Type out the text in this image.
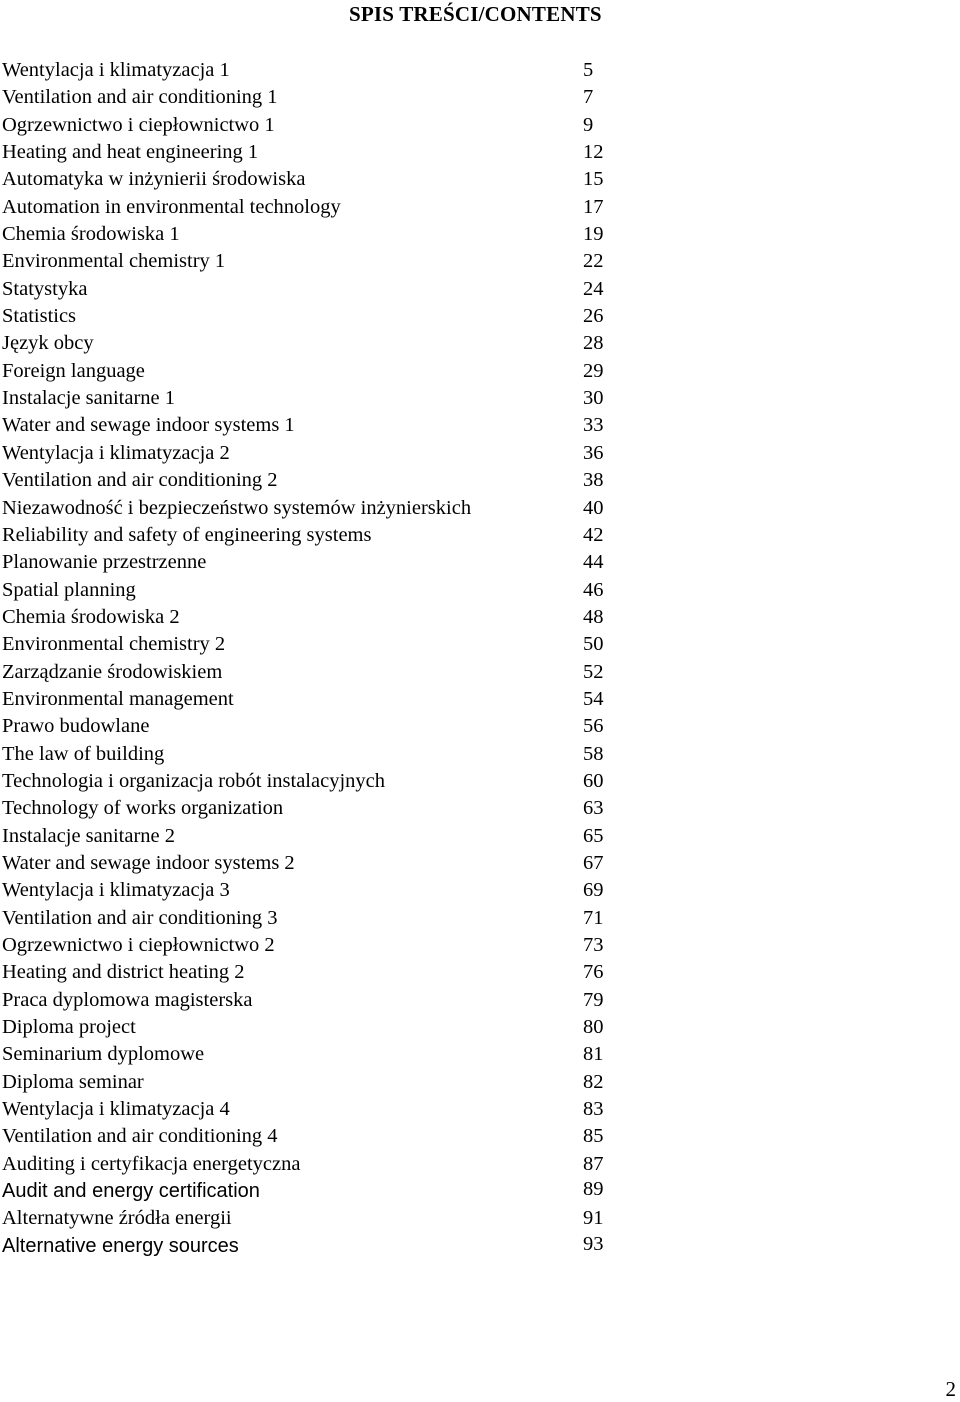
SPIS TREŚCI/CONTENTS
Wentylacja i klimatyzacja 1	5
Ventilation and air conditioning 1	7
Ogrzewnictwo i ciepłownictwo 1	9
Heating and heat engineering 1	12
Automatyka w inżynierii środowiska	15
Automation in environmental technology	17
Chemia środowiska 1	19
Environmental chemistry 1	22
Statystyka	24
Statistics	26
Język obcy	28
Foreign language	29
Instalacje sanitarne 1	30
Water and sewage indoor systems 1	33
Wentylacja i klimatyzacja 2	36
Ventilation and air conditioning 2	38
Niezawodność i bezpieczeństwo systemów inżynierskich	40
Reliability and safety of engineering systems	42
Planowanie przestrzenne	44
Spatial planning	46
Chemia środowiska 2	48
Environmental chemistry 2	50
Zarządzanie środowiskiem	52
Environmental management	54
Prawo budowlane	56
The law of building	58
Technologia i organizacja robót instalacyjnych	60
Technology of works organization	63
Instalacje sanitarne 2	65
Water and sewage indoor systems 2	67
Wentylacja i klimatyzacja 3	69
Ventilation and air conditioning 3	71
Ogrzewnictwo i ciepłownictwo 2	73
Heating and district heating 2	76
Praca dyplomowa magisterska	79
Diploma project	80
Seminarium dyplomowe	81
Diploma seminar	82
Wentylacja i klimatyzacja 4	83
Ventilation and air conditioning 4	85
Auditing i certyfikacja energetyczna	87
Audit and energy certification	89
Alternatywne źródła energii	91
Alternative energy sources	93
2
